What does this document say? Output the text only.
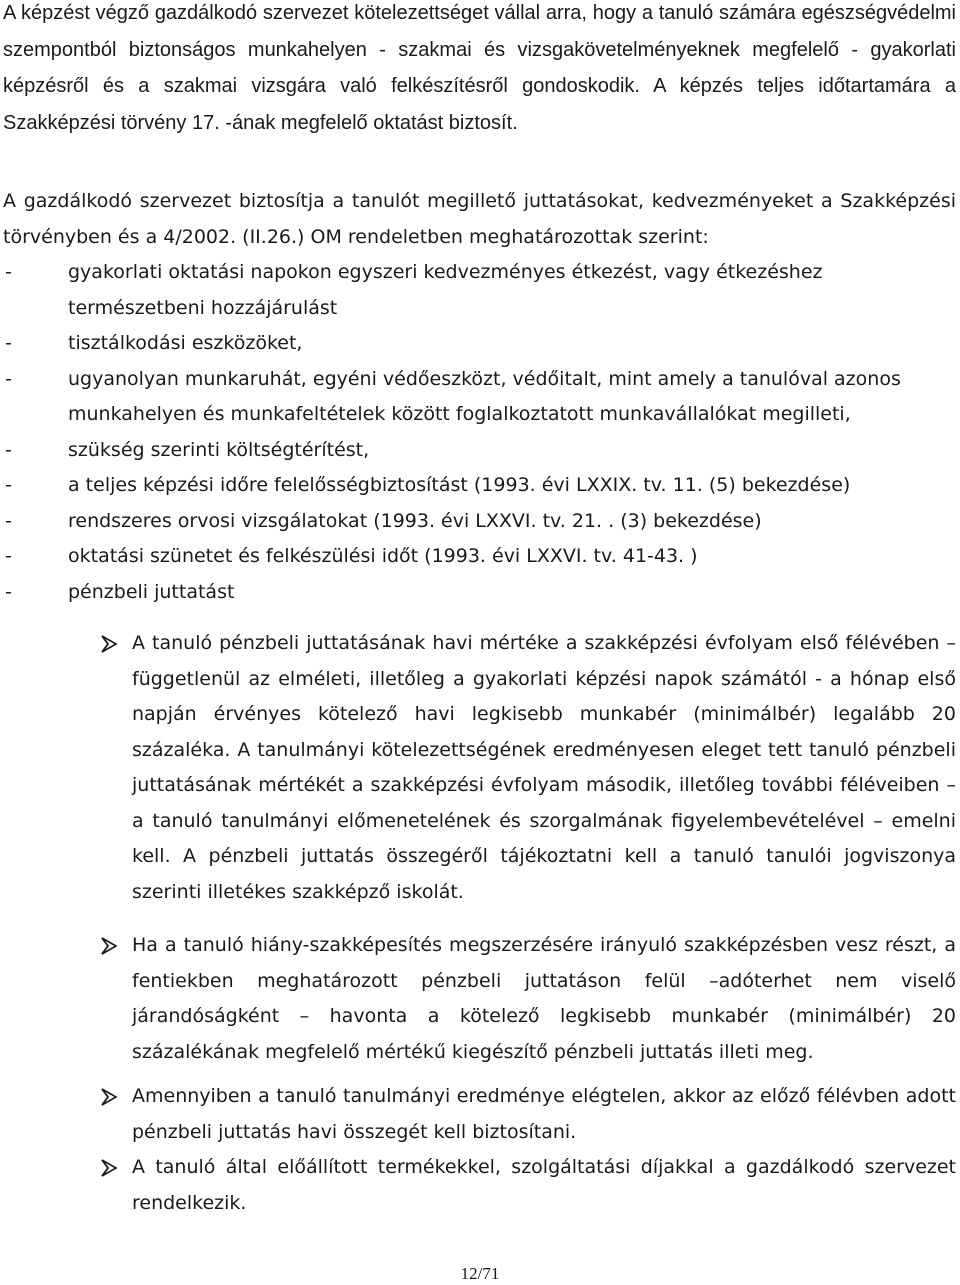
A képzést végző gazdálkodó szervezet kötelezettséget vállal arra, hogy a tanuló számára egészségvédelmi szempontból biztonságos munkahelyen - szakmai és vizsgakövetelményeknek megfelelő - gyakorlati képzésről és a szakmai vizsgára való felkészítésről gondoskodik. A képzés teljes időtartamára a Szakképzési törvény 17. -ának megfelelő oktatást biztosít.

A gazdálkodó szervezet biztosítja a tanulót megillető juttatásokat, kedvezményeket a Szakképzési törvényben és a 4/2002. (II.26.) OM rendeletben meghatározottak szerint:

-	gyakorlati oktatási napokon egyszeri kedvezményes étkezést, vagy étkezéshez természetbeni hozzájárulást
-	tisztálkodási eszközöket,
-	ugyanolyan munkaruhát, egyéni védőeszközt, védőitalt, mint amely a tanulóval azonos munkahelyen és munkafeltételek között foglalkoztatott munkavállalókat megilleti,
-	szükség szerinti költségtérítést,
-	a teljes képzési időre felelősségbiztosítást (1993. évi LXXIX. tv. 11. (5) bekezdése)
-	rendszeres orvosi vizsgálatokat (1993. évi LXXVI. tv. 21. . (3) bekezdése)
-	oktatási szünetet és felkészülési időt (1993. évi LXXVI. tv. 41-43. )
-	pénzbeli juttatást
A tanuló pénzbeli juttatásának havi mértéke a szakképzési évfolyam első félévében – függetlenül az elméleti, illetőleg a gyakorlati képzési napok számától - a hónap első napján érvényes kötelező havi legkisebb munkabér (minimálbér) legalább 20 százaléka. A tanulmányi kötelezettségének eredményesen eleget tett tanuló pénzbeli juttatásának mértékét a szakképzési évfolyam második, illetőleg további féléveiben – a tanuló tanulmányi előmenetelének és szorgalmának figyelembevételével – emelni kell. A pénzbeli juttatás összegéről tájékoztatni kell a tanuló tanulói jogviszonya szerinti illetékes szakképző iskolát.
Ha a tanuló hiány-szakképesítés megszerzésére irányuló szakképzésben vesz részt, a fentiekben meghatározott pénzbeli juttatáson felül –adóterhet nem viselő járandóságként – havonta a kötelező legkisebb munkabér (minimálbér) 20 százalékának megfelelő mértékű kiegészítő pénzbeli juttatás illeti meg.
Amennyiben a tanuló tanulmányi eredménye elégtelen, akkor az előző félévben adott pénzbeli juttatás havi összegét kell biztosítani.
A tanuló által előállított termékekkel, szolgáltatási díjakkal a gazdálkodó szervezet rendelkezik.
12/71
